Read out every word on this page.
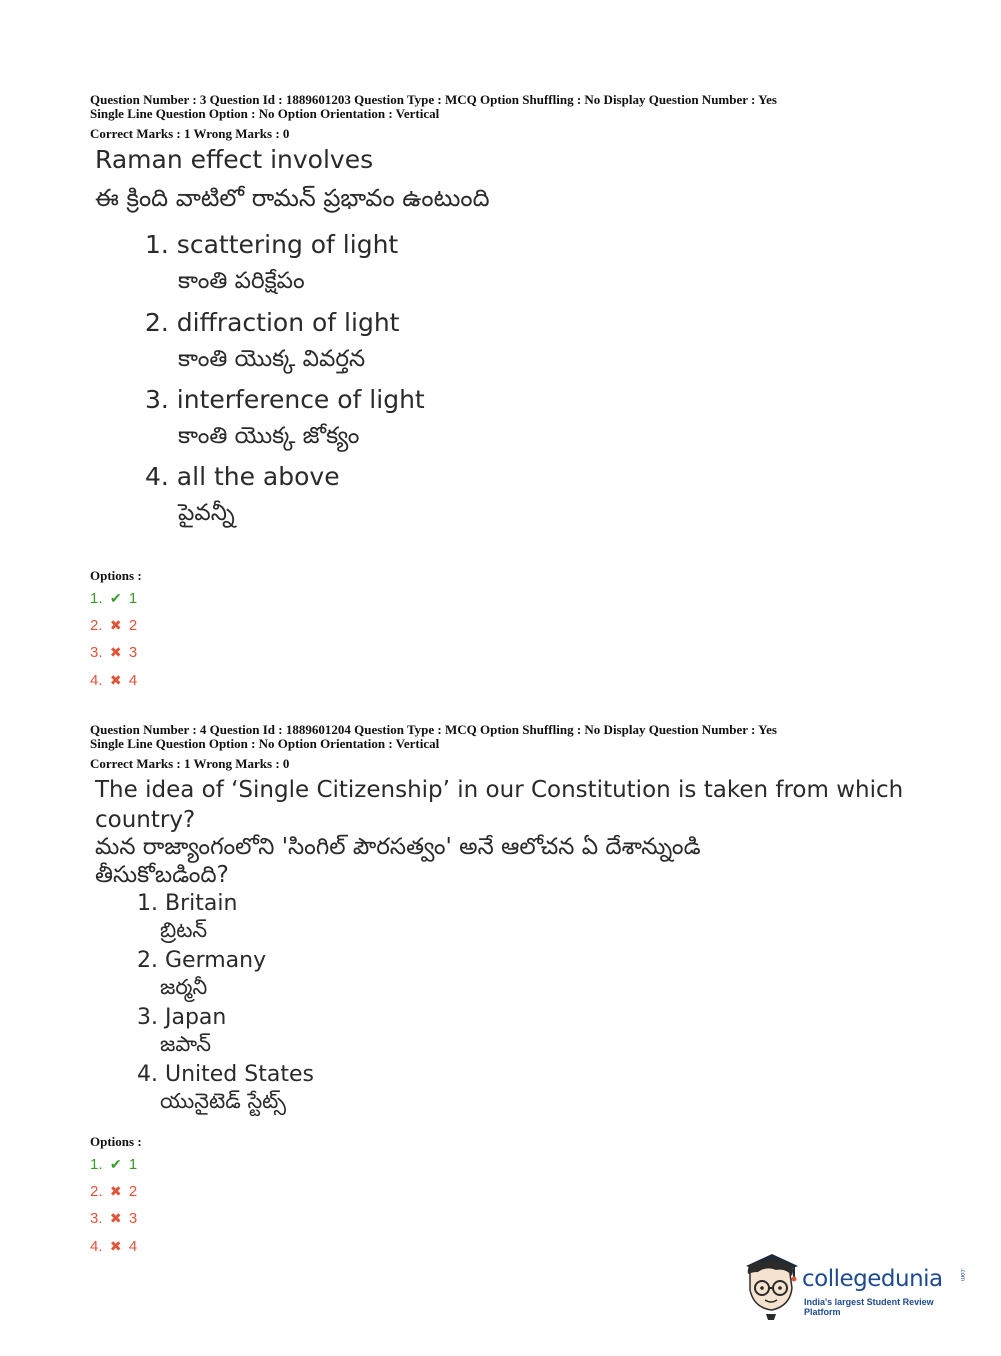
Question Number : 3 Question Id : 1889601203 Question Type : MCQ Option Shuffling : No Display Question Number : Yes
Single Line Question Option : No Option Orientation : Vertical
Correct Marks : 1 Wrong Marks : 0
Raman effect involves
ఈ క్రింది వాటిలో రామన్ ప్రభావం ఉంటుంది
1. scattering of light
కాంతి పరిక్షేపం
2. diffraction of light
కాంతి యొక్క వివర్తన
3. interference of light
కాంతి యొక్క జోక్యం
4. all the above
పైవన్నీ
Options :
1. ✔ 1
2. ✖ 2
3. ✖ 3
4. ✖ 4
Question Number : 4 Question Id : 1889601204 Question Type : MCQ Option Shuffling : No Display Question Number : Yes
Single Line Question Option : No Option Orientation : Vertical
Correct Marks : 1 Wrong Marks : 0
The idea of ‘Single Citizenship’ in our Constitution is taken from which
country?
మన రాజ్యాంగంలోని 'సింగిల్ పౌరసత్వం' అనే ఆలోచన ఏ దేశాన్నుండి
తీసుకోబడింది?
1. Britain
బ్రిటన్
2. Germany
జర్మనీ
3. Japan
జపాన్
4. United States
యునైటెడ్ స్టేట్స్
Options :
1. ✔ 1
2. ✖ 2
3. ✖ 3
4. ✖ 4
collegedunia	.com
India's largest Student Review Platform
